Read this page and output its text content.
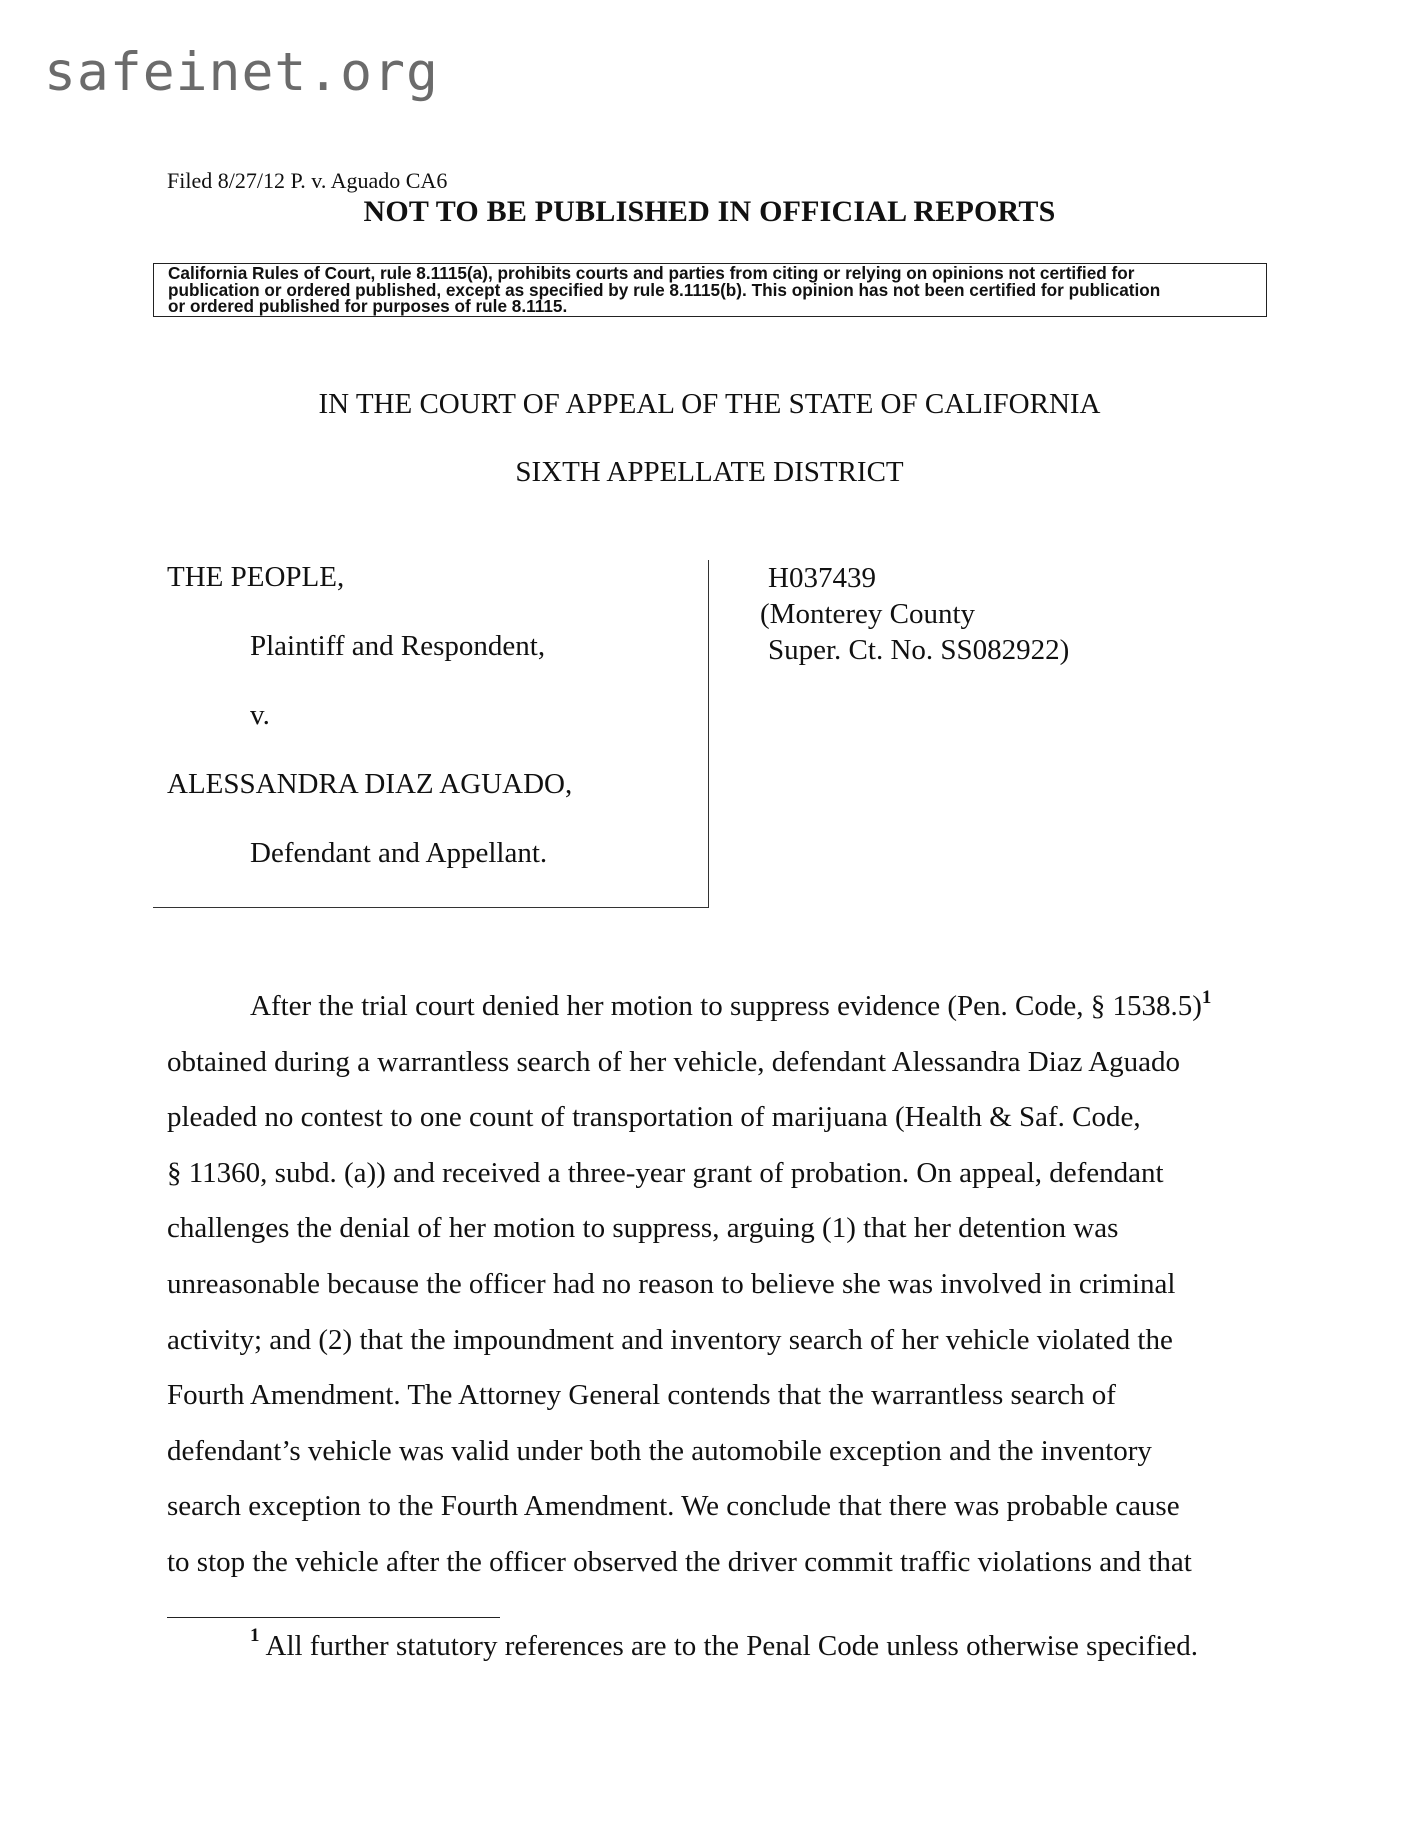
safeinet.org
Filed 8/27/12 P. v. Aguado CA6
NOT TO BE PUBLISHED IN OFFICIAL REPORTS
California Rules of Court, rule 8.1115(a), prohibits courts and parties from citing or relying on opinions not certified for
publication or ordered published, except as specified by rule 8.1115(b). This opinion has not been certified for publication
or ordered published for purposes of rule 8.1115.
IN THE COURT OF APPEAL OF THE STATE OF CALIFORNIA
SIXTH APPELLATE DISTRICT
THE PEOPLE,
Plaintiff and Respondent,
v.
ALESSANDRA DIAZ AGUADO,
Defendant and Appellant.
H037439
(Monterey County
Super. Ct. No. SS082922)
After the trial court denied her motion to suppress evidence (Pen. Code, § 1538.5)$^1$
obtained during a warrantless search of her vehicle, defendant Alessandra Diaz Aguado
pleaded no contest to one count of transportation of marijuana (Health & Saf. Code,
§ 11360, subd. (a)) and received a three-year grant of probation. On appeal, defendant
challenges the denial of her motion to suppress, arguing (1) that her detention was
unreasonable because the officer had no reason to believe she was involved in criminal
activity; and (2) that the impoundment and inventory search of her vehicle violated the
Fourth Amendment. The Attorney General contends that the warrantless search of
defendant’s vehicle was valid under both the automobile exception and the inventory
search exception to the Fourth Amendment. We conclude that there was probable cause
to stop the vehicle after the officer observed the driver commit traffic violations and that
$^1$ All further statutory references are to the Penal Code unless otherwise specified.
